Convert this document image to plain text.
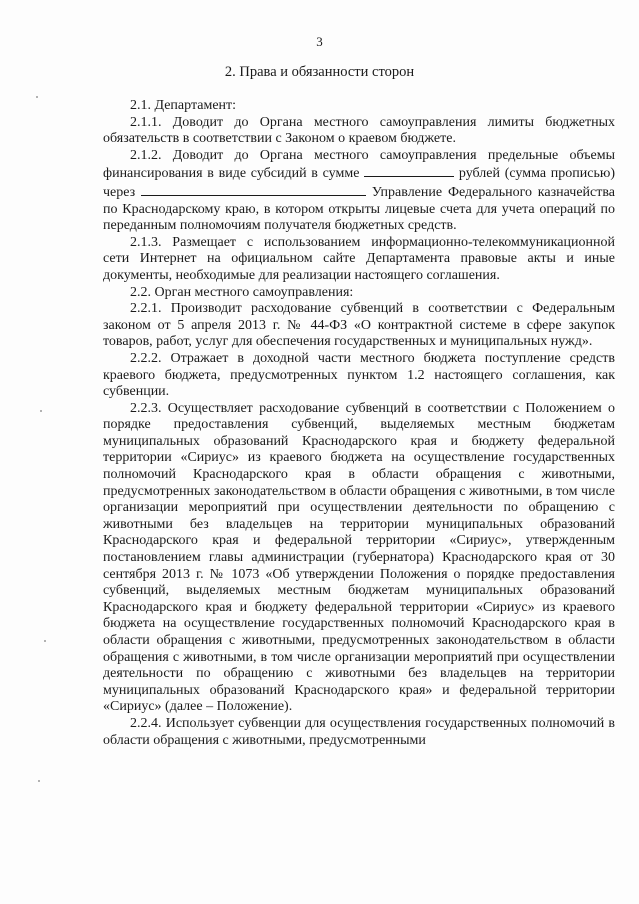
3
2. Права и обязанности сторон

2.1. Департамент:

2.1.1. Доводит до Органа местного самоуправления лимиты бюджетных обязательств в соответствии с Законом о краевом бюджете.

2.1.2. Доводит до Органа местного самоуправления предельные объемы финансирования в виде субсидий в сумме	рублей (сумма прописью) через	Управление Федерального казначейства по Краснодарскому краю, в котором открыты лицевые счета для учета операций по переданным полномочиям получателя бюджетных средств.

2.1.3. Размещает с использованием информационно-телекоммуникационной сети Интернет на официальном сайте Департамента правовые акты и иные документы, необходимые для реализации настоящего соглашения.

2.2. Орган местного самоуправления:

2.2.1. Производит расходование субвенций в соответствии с Федеральным законом от 5 апреля 2013 г. № 44-ФЗ «О контрактной системе в сфере закупок товаров, работ, услуг для обеспечения государственных и муниципальных нужд».

2.2.2. Отражает в доходной части местного бюджета поступление средств краевого бюджета, предусмотренных пунктом 1.2 настоящего соглашения, как субвенции.

2.2.3. Осуществляет расходование субвенций в соответствии с Положением о порядке предоставления субвенций, выделяемых местным бюджетам муниципальных образований Краснодарского края и бюджету федеральной территории «Сириус» из краевого бюджета на осуществление государственных полномочий Краснодарского края в области обращения с животными, предусмотренных законодательством в области обращения с животными, в том числе организации мероприятий при осуществлении деятельности по обращению с животными без владельцев на территории муниципальных образований Краснодарского края и федеральной территории «Сириус», утвержденным постановлением главы администрации (губернатора) Краснодарского края от 30 сентября 2013 г. № 1073 «Об утверждении Положения о порядке предоставления субвенций, выделяемых местным бюджетам муниципальных образований Краснодарского края и бюджету федеральной территории «Сириус» из краевого бюджета на осуществление государственных полномочий Краснодарского края в области обращения с животными, предусмотренных законодательством в области обращения с животными, в том числе организации мероприятий при осуществлении деятельности по обращению с животными без владельцев на территории муниципальных образований Краснодарского края» и федеральной территории «Сириус» (далее – Положение).

2.2.4. Использует субвенции для осуществления государственных полномочий в области обращения с животными, предусмотренными
